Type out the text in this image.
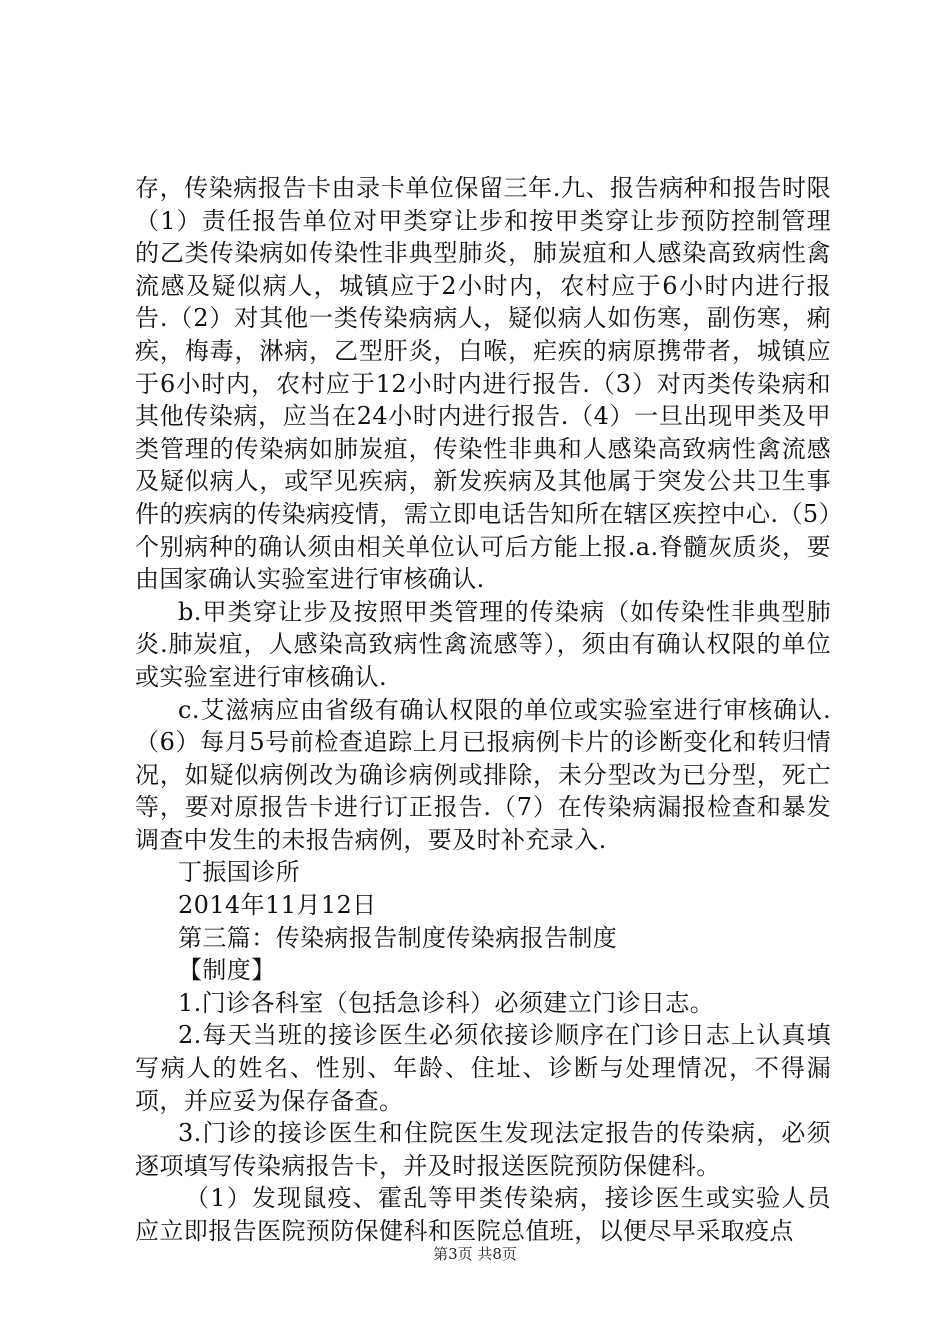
存，传染病报告卡由录卡单位保留三年.九、报告病种和报告时限（1）责任报告单位对甲类穿让步和按甲类穿让步预防控制管理的乙类传染病如传染性非典型肺炎，肺炭疽和人感染高致病性禽流感及疑似病人，城镇应于2小时内，农村应于6小时内进行报告.（2）对其他一类传染病病人，疑似病人如伤寒，副伤寒，痢疾，梅毒，淋病，乙型肝炎，白喉，疟疾的病原携带者，城镇应于6小时内，农村应于12小时内进行报告.（3）对丙类传染病和其他传染病，应当在24小时内进行报告.（4）一旦出现甲类及甲类管理的传染病如肺炭疽，传染性非典和人感染高致病性禽流感及疑似病人，或罕见疾病，新发疾病及其他属于突发公共卫生事件的疾病的传染病疫情，需立即电话告知所在辖区疾控中心.（5）个别病种的确认须由相关单位认可后方能上报.a.脊髓灰质炎，要由国家确认实验室进行审核确认.

b.甲类穿让步及按照甲类管理的传染病（如传染性非典型肺炎.肺炭疽，人感染高致病性禽流感等），须由有确认权限的单位或实验室进行审核确认.

c.艾滋病应由省级有确认权限的单位或实验室进行审核确认.（6）每月5号前检查追踪上月已报病例卡片的诊断变化和转归情况，如疑似病例改为确诊病例或排除，未分型改为已分型，死亡等，要对原报告卡进行订正报告.（7）在传染病漏报检查和暴发调查中发生的未报告病例，要及时补充录入.

丁振国诊所

2014年11月12日

第三篇：传染病报告制度传染病报告制度

【制度】

1.门诊各科室（包括急诊科）必须建立门诊日志。

2.每天当班的接诊医生必须依接诊顺序在门诊日志上认真填写病人的姓名、性别、年龄、住址、诊断与处理情况，不得漏项，并应妥为保存备查。

3.门诊的接诊医生和住院医生发现法定报告的传染病，必须逐项填写传染病报告卡，并及时报送医院预防保健科。

（1）发现鼠疫、霍乱等甲类传染病，接诊医生或实验人员应立即报告医院预防保健科和医院总值班，以便尽早采取疫点

第3页 共8页
